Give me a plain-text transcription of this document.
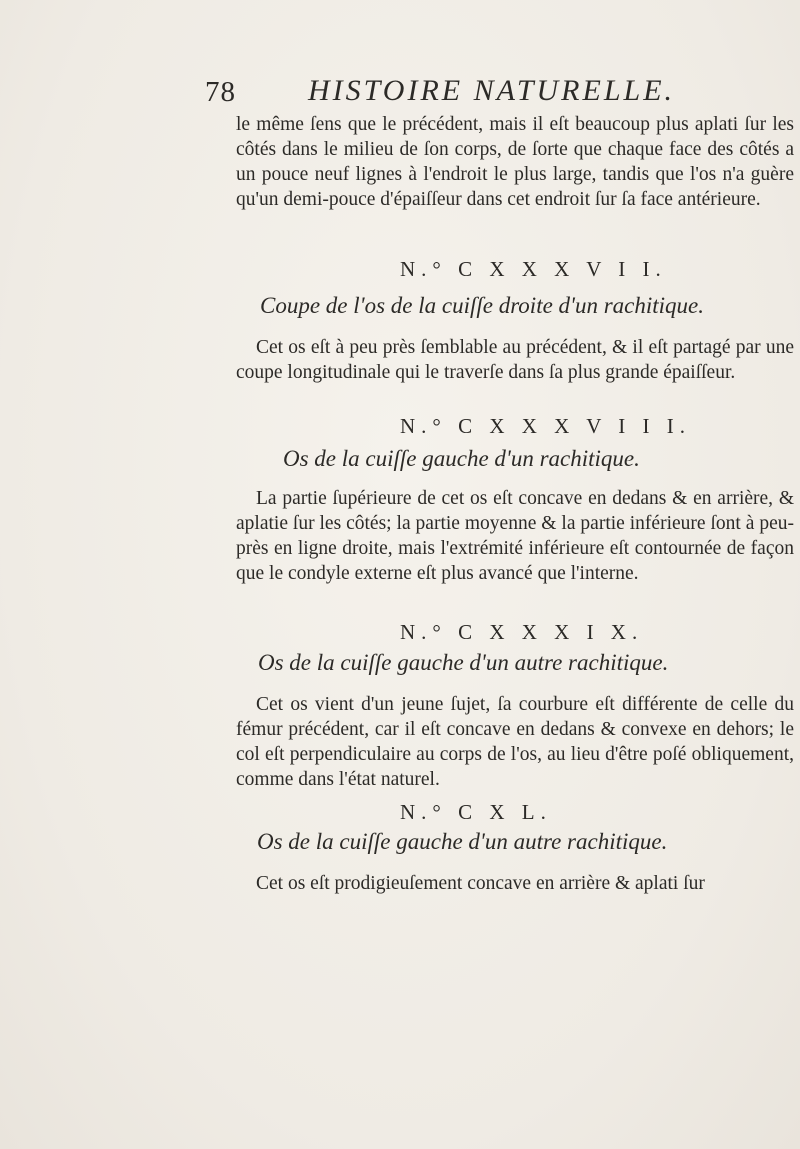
78 HISTOIRE NATURELLE.

le même ſens que le précédent, mais il eſt beaucoup plus aplati ſur les côtés dans le milieu de ſon corps, de ſorte que chaque face des côtés a un pouce neuf lignes à l'endroit le plus large, tandis que l'os n'a guère qu'un demi-pouce d'épaiſſeur dans cet endroit ſur ſa face antérieure.

N.° C X X X V I I.
Coupe de l'os de la cuiſſe droite d'un rachitique.

Cet os eſt à peu près ſemblable au précédent, & il eſt partagé par une coupe longitudinale qui le traverſe dans ſa plus grande épaiſſeur.

N.° C X X X V I I I.
Os de la cuiſſe gauche d'un rachitique.

La partie ſupérieure de cet os eſt concave en dedans & en arrière, & aplatie ſur les côtés; la partie moyenne & la partie inférieure ſont à peu-près en ligne droite, mais l'extrémité inférieure eſt contournée de façon que le condyle externe eſt plus avancé que l'interne.

N.° C X X X I X.
Os de la cuiſſe gauche d'un autre rachitique.

Cet os vient d'un jeune ſujet, ſa courbure eſt différente de celle du fémur précédent, car il eſt concave en dedans & convexe en dehors; le col eſt perpendiculaire au corps de l'os, au lieu d'être poſé obliquement, comme dans l'état naturel.

N.° C X L.
Os de la cuiſſe gauche d'un autre rachitique.

Cet os eſt prodigieuſement concave en arrière & aplati ſur
